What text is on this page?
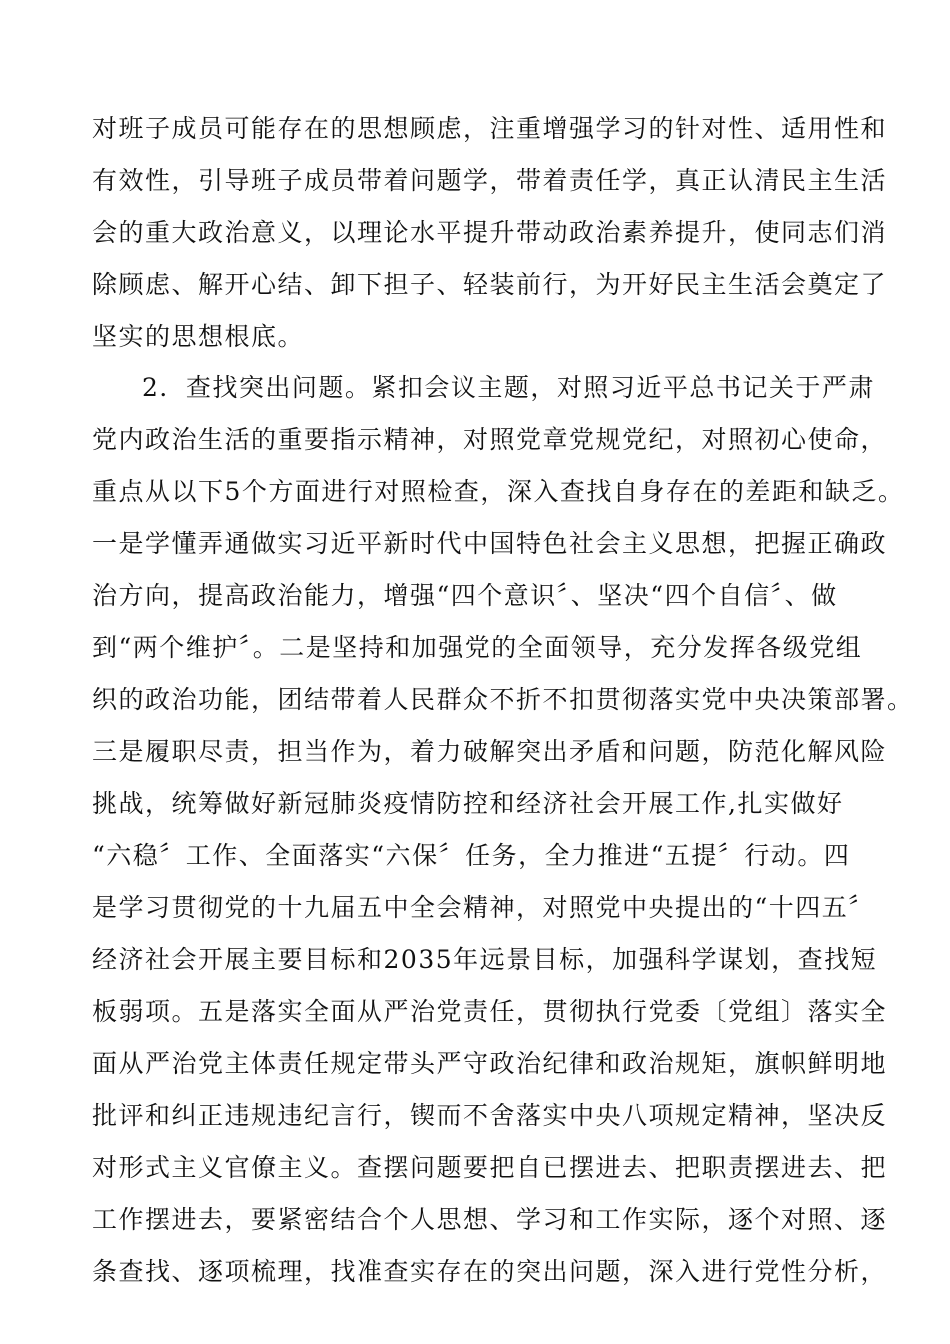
对班子成员可能存在的思想顾虑，注重增强学习的针对性、适用性和
有效性，引导班子成员带着问题学，带着责任学，真正认清民主生活
会的重大政治意义，以理论水平提升带动政治素养提升，使同志们消
除顾虑、解开心结、卸下担子、轻装前行，为开好民主生活会奠定了
坚实的思想根底。
2．查找突出问题。紧扣会议主题，对照习近平总书记关于严肃
党内政治生活的重要指示精神，对照党章党规党纪，对照初心使命，
重点从以下5个方面进行对照检查，深入查找自身存在的差距和缺乏。
一是学懂弄通做实习近平新时代中国特色社会主义思想，把握正确政
治方向，提高政治能力，增强“四个意识〞、坚决“四个自信〞、做
到“两个维护〞。二是坚持和加强党的全面领导，充分发挥各级党组
织的政治功能，团结带着人民群众不折不扣贯彻落实党中央决策部署。
三是履职尽责，担当作为，着力破解突出矛盾和问题，防范化解风险
挑战，统筹做好新冠肺炎疫情防控和经济社会开展工作,扎实做好
“六稳〞工作、全面落实“六保〞任务，全力推进“五提〞行动。四
是学习贯彻党的十九届五中全会精神，对照党中央提出的“十四五〞
经济社会开展主要目标和2035年远景目标，加强科学谋划，查找短
板弱项。五是落实全面从严治党责任，贯彻执行党委〔党组〕落实全
面从严治党主体责任规定带头严守政治纪律和政治规矩，旗帜鲜明地
批评和纠正违规违纪言行，锲而不舍落实中央八项规定精神，坚决反
对形式主义官僚主义。查摆问题要把自已摆进去、把职责摆进去、把
工作摆进去，要紧密结合个人思想、学习和工作实际，逐个对照、逐
条查找、逐项梳理，找准查实存在的突出问题，深入进行党性分析，
